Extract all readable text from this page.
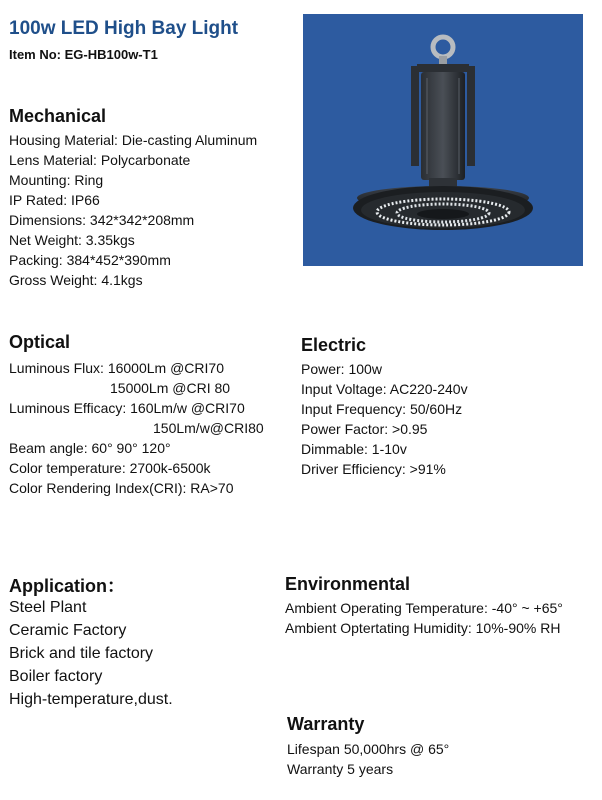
100w LED High Bay Light
Item No: EG-HB100w-T1
Mechanical
Housing Material: Die-casting Aluminum
Lens Material: Polycarbonate
Mounting: Ring
IP Rated: IP66
Dimensions: 342*342*208mm
Net Weight: 3.35kgs
Packing: 384*452*390mm
Gross Weight: 4.1kgs
Optical
Luminous Flux: 16000Lm @CRI70
15000Lm @CRI 80
Luminous Efficacy: 160Lm/w @CRI70
150Lm/w@CRI80
Beam angle: 60° 90° 120°
Color temperature: 2700k-6500k
Color Rendering Index(CRI): RA>70
Electric
Power: 100w
Input Voltage: AC220-240v
Input Frequency: 50/60Hz
Power Factor: >0.95
Dimmable: 1-10v
Driver Efficiency: >91%
Application：
Steel Plant
Ceramic Factory
Brick and tile factory
Boiler factory
High-temperature,dust.
Environmental
Ambient Operating Temperature: -40° ~ +65°
Ambient Optertating Humidity: 10%-90% RH
Warranty
Lifespan 50,000hrs @ 65°
Warranty 5 years
